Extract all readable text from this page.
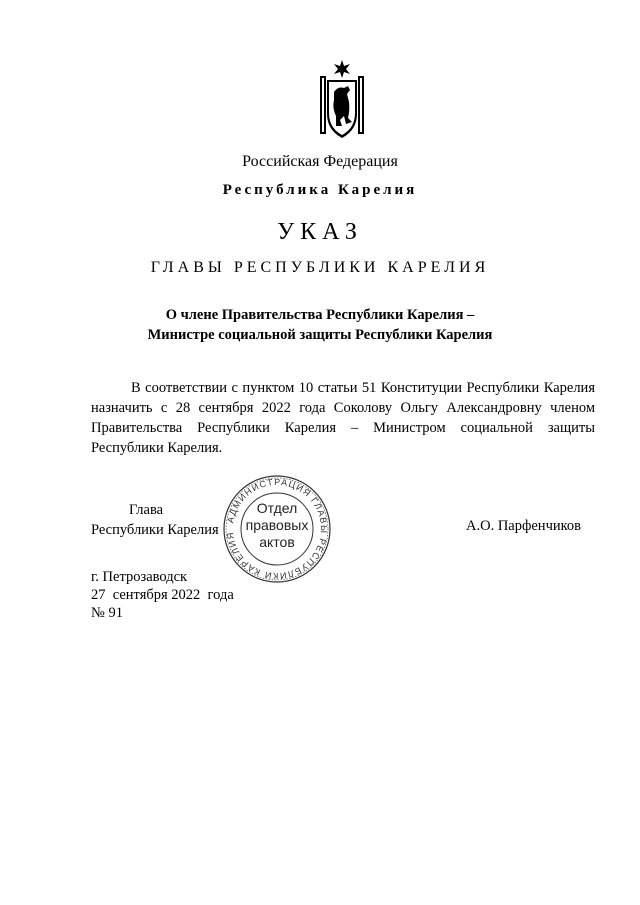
Российская Федерация
Республика Карелия
УКАЗ
ГЛАВЫ РЕСПУБЛИКИ КАРЕЛИЯ
О члене Правительства Республики Карелия –
Министре социальной защиты Республики Карелия

В соответствии с пунктом 10 статьи 51 Конституции Республики Карелия назначить с 28 сентября 2022 года Соколову Ольгу Александровну членом Правительства Республики Карелия – Министром социальной защиты Республики Карелия.

АДМИНИСТРАЦИЯ ГЛАВЫ РЕСПУБЛИКИ КАРЕЛИЯ
Отдел
правовых
актов
Глава
Республики Карелия	А.О. Парфенчиков
г. Петрозаводск
27  сентября 2022  года
№ 91
